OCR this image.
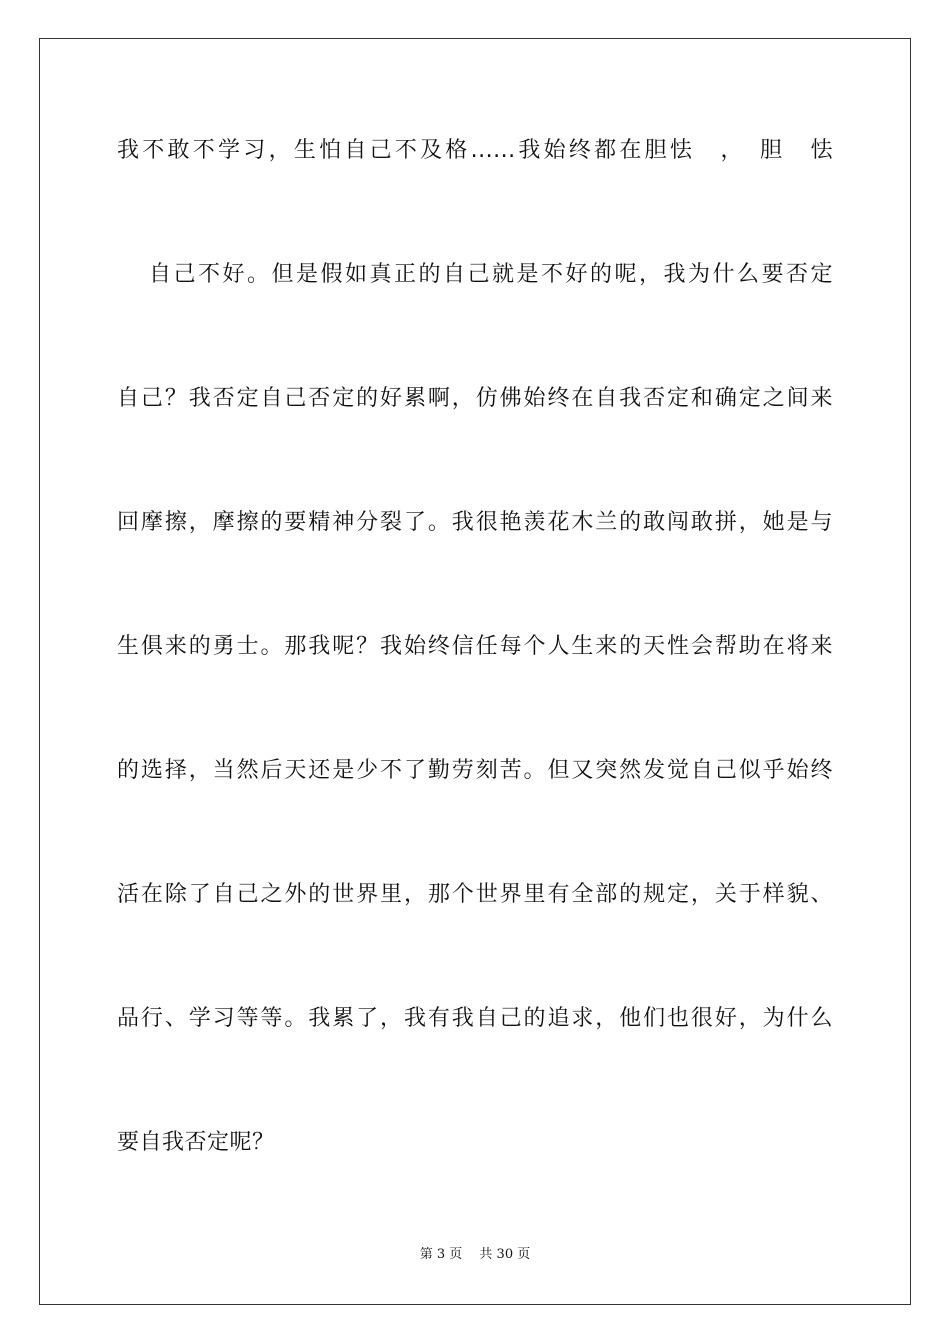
我不敢不学习，生怕自己不及格......我始终都在胆怯　，　胆　怯
自己不好。但是假如真正的自己就是不好的呢，我为什么要否定
自己？我否定自己否定的好累啊，仿佛始终在自我否定和确定之间来
回摩擦，摩擦的要精神分裂了。我很艳羡花木兰的敢闯敢拼，她是与
生俱来的勇士。那我呢？我始终信任每个人生来的天性会帮助在将来
的选择，当然后天还是少不了勤劳刻苦。但又突然发觉自己似乎始终
活在除了自己之外的世界里，那个世界里有全部的规定，关于样貌、
品行、学习等等。我累了，我有我自己的追求，他们也很好，为什么
要自我否定呢？
第 3 页　 共 30 页
